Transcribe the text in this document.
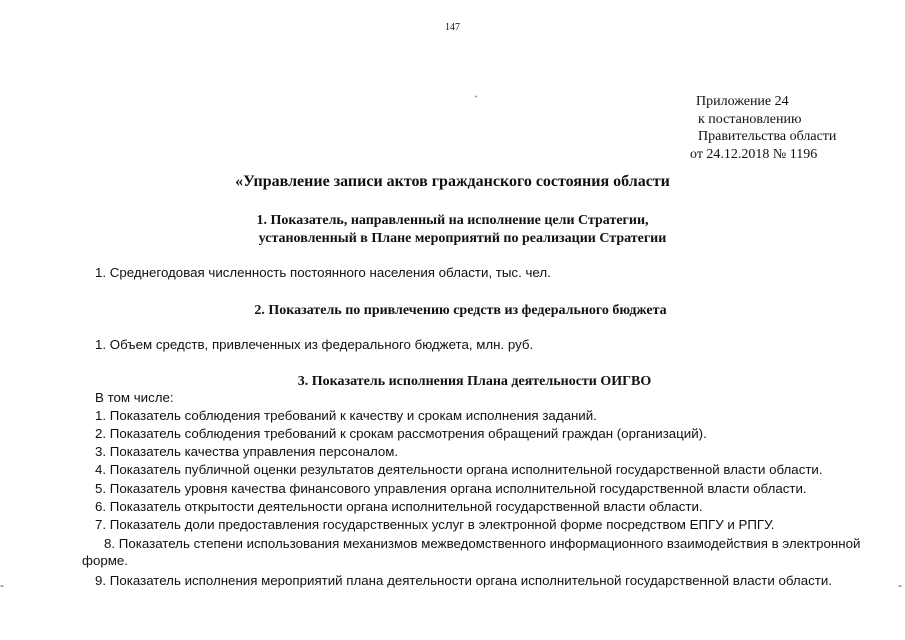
147
`
-	-
Приложение 24
к постановлению
Правительства области
от 24.12.2018 № 1196
«Управление записи актов гражданского состояния области
1. Показатель, направленный на исполнение цели Стратегии,
установленный в Плане мероприятий по реализации Стратегии
1. Среднегодовая численность постоянного населения области, тыс. чел.
2. Показатель по привлечению средств из федерального бюджета
1. Объем средств, привлеченных из федерального бюджета, млн. руб.
3. Показатель исполнения Плана деятельности ОИГВО
В том числе:
1. Показатель соблюдения требований к качеству и срокам исполнения заданий.
2. Показатель соблюдения требований к срокам рассмотрения обращений граждан (организаций).
3. Показатель качества управления персоналом.
4. Показатель публичной оценки результатов деятельности органа исполнительной государственной власти области.
5. Показатель уровня качества финансового управления органа исполнительной государственной власти области.
6. Показатель открытости деятельности органа исполнительной государственной власти области.
7. Показатель доли предоставления государственных услуг в электронной форме посредством ЕПГУ и РПГУ.
8. Показатель степени использования механизмов межведомственного информационного взаимодействия в электронной форме.
9. Показатель исполнения мероприятий плана деятельности органа исполнительной государственной власти области.
